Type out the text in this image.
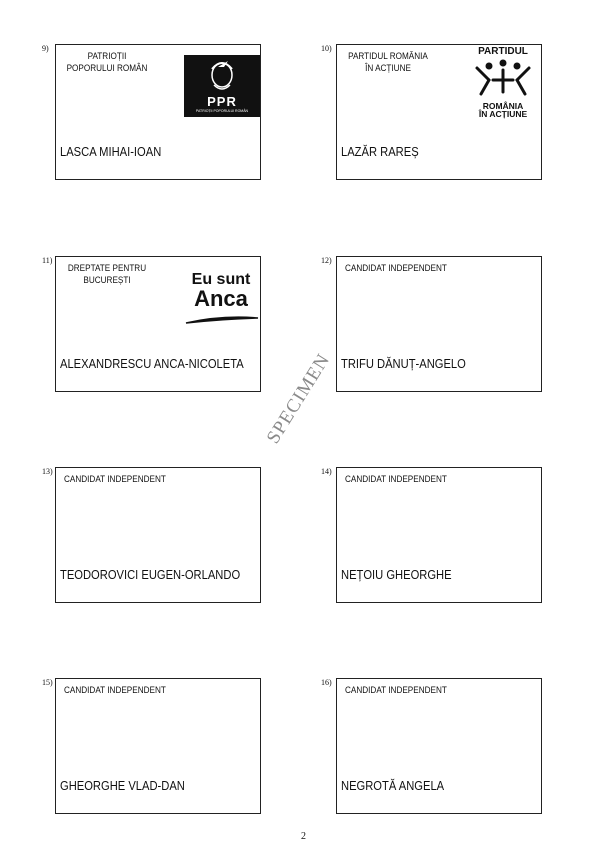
9)
PATRIOȚII POPORULUI ROMÂN
PPR
PATRIOȚII POPORULUI ROMÂN
LASCA MIHAI-IOAN
10)
PARTIDUL ROMÂNIA ÎN ACȚIUNE
PARTIDUL
ROMÂNIA
ÎN ACȚIUNE
LAZĂR RAREȘ
11)
DREPTATE PENTRU BUCUREȘTI	Eu sunt
Anca
ALEXANDRESCU ANCA-NICOLETA
12)
CANDIDAT INDEPENDENT
TRIFU DĂNUȚ-ANGELO
13)
CANDIDAT INDEPENDENT
TEODOROVICI EUGEN-ORLANDO
14)
CANDIDAT INDEPENDENT
NEȚOIU GHEORGHE
15)
CANDIDAT INDEPENDENT
GHEORGHE VLAD-DAN
16)
CANDIDAT INDEPENDENT
NEGROTĂ ANGELA
SPECIMEN
2
